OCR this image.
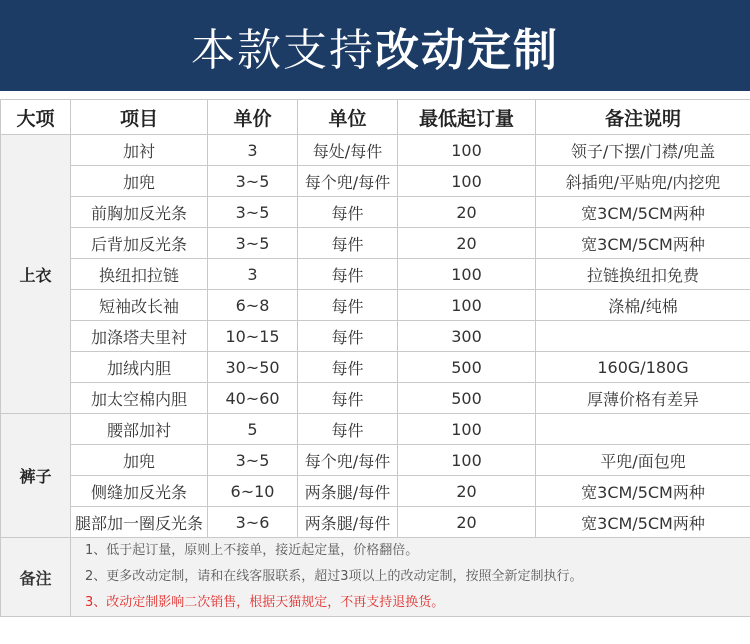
本款支持 改动定制
大项	项目	单价	单位	最低起订量	备注说明
上衣	加衬	3	每处/每件	100	领子/下摆/门襟/兜盖
	加兜	3~5	每个兜/每件	100	斜插兜/平贴兜/内挖兜
	前胸加反光条	3~5	每件	20	宽3CM/5CM两种
	后背加反光条	3~5	每件	20	宽3CM/5CM两种
	换纽扣拉链	3	每件	100	拉链换纽扣免费
	短袖改长袖	6~8	每件	100	涤棉/纯棉
	加涤塔夫里衬	10~15	每件	300	
	加绒内胆	30~50	每件	500	160G/180G
	加太空棉内胆	40~60	每件	500	厚薄价格有差异
裤子	腰部加衬	5	每件	100	
	加兜	3~5	每个兜/每件	100	平兜/面包兜
	侧缝加反光条	6~10	两条腿/每件	20	宽3CM/5CM两种
	腿部加一圈反光条	3~6	两条腿/每件	20	宽3CM/5CM两种
备注	1、低于起订量，原则上不接单，接近起定量，价格翻倍。
2、更多改动定制，请和在线客服联系，超过3项以上的改动定制，按照全新定制执行。
3、改动定制影响二次销售，根据天猫规定，不再支持退换货。				
